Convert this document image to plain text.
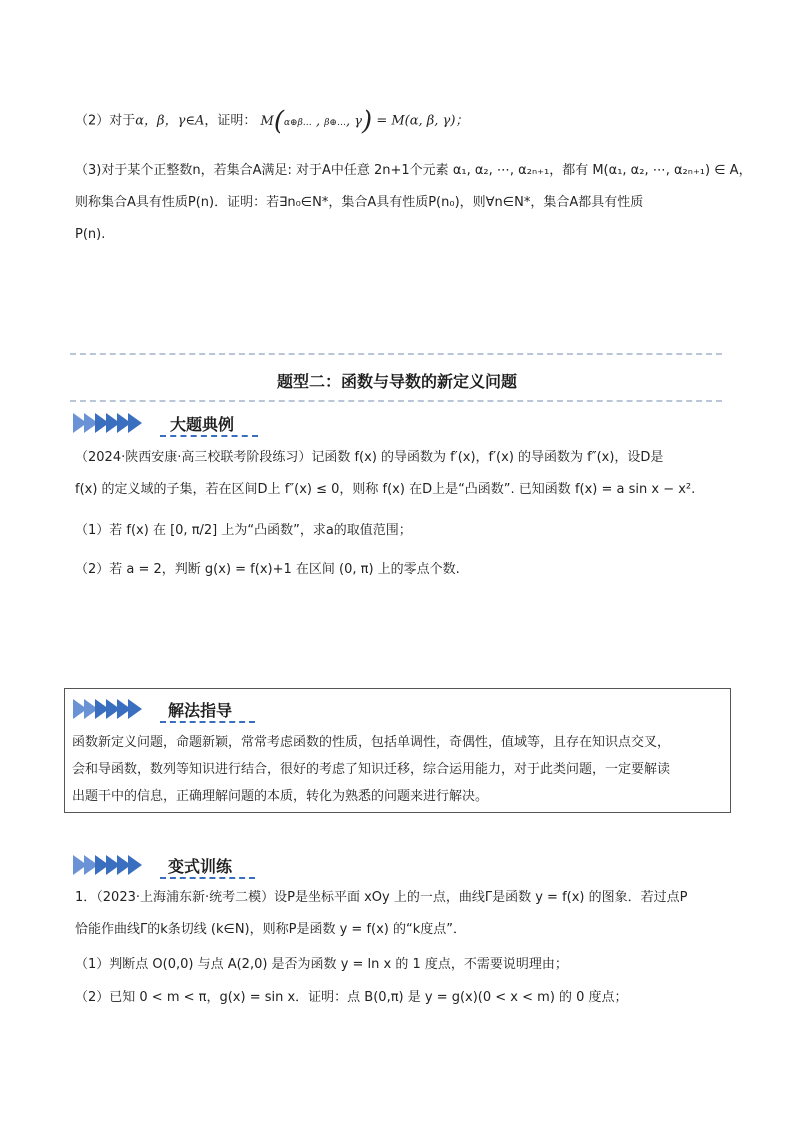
（2）对于α，β，γ∈A，证明： M(α⊕β… , β⊕…, γ) = M(α, β, γ)；
（3)对于某个正整数n，若集合A满足: 对于A中任意 2n+1个元素 α₁, α₂, ⋯, α₂ₙ₊₁，都有 M(α₁, α₂, ⋯, α₂ₙ₊₁) ∈ A，
则称集合A具有性质P(n)．证明：若∃n₀∈N*，集合A具有性质P(n₀)，则∀n∈N*，集合A都具有性质
P(n).
题型二：函数与导数的新定义问题
大题典例
（2024·陕西安康·高三校联考阶段练习）记函数 f(x) 的导函数为 f′(x)，f′(x) 的导函数为 f″(x)，设D是
f(x) 的定义域的子集，若在区间D上 f″(x) ≤ 0，则称 f(x) 在D上是“凸函数”. 已知函数 f(x) = a sin x − x².
（1）若 f(x) 在 [0, π/2] 上为“凸函数”，求a的取值范围；
（2）若 a = 2，判断 g(x) = f(x)+1 在区间 (0, π) 上的零点个数.
解法指导
函数新定义问题，命题新颖，常常考虑函数的性质，包括单调性，奇偶性，值域等，且存在知识点交叉，
会和导函数，数列等知识进行结合，很好的考虑了知识迁移，综合运用能力，对于此类问题，一定要解读
出题干中的信息，正确理解问题的本质，转化为熟悉的问题来进行解决。
变式训练
1．（2023·上海浦东新·统考二模）设P是坐标平面 xOy 上的一点，曲线Γ是函数 y = f(x) 的图象．若过点P
恰能作曲线Γ的k条切线 (k∈N)，则称P是函数 y = f(x) 的“k度点”．
（1）判断点 O(0,0) 与点 A(2,0) 是否为函数 y = ln x 的 1 度点，不需要说明理由；
（2）已知 0 < m < π，g(x) = sin x．证明：点 B(0,π) 是 y = g(x)(0 < x < m) 的 0 度点；
